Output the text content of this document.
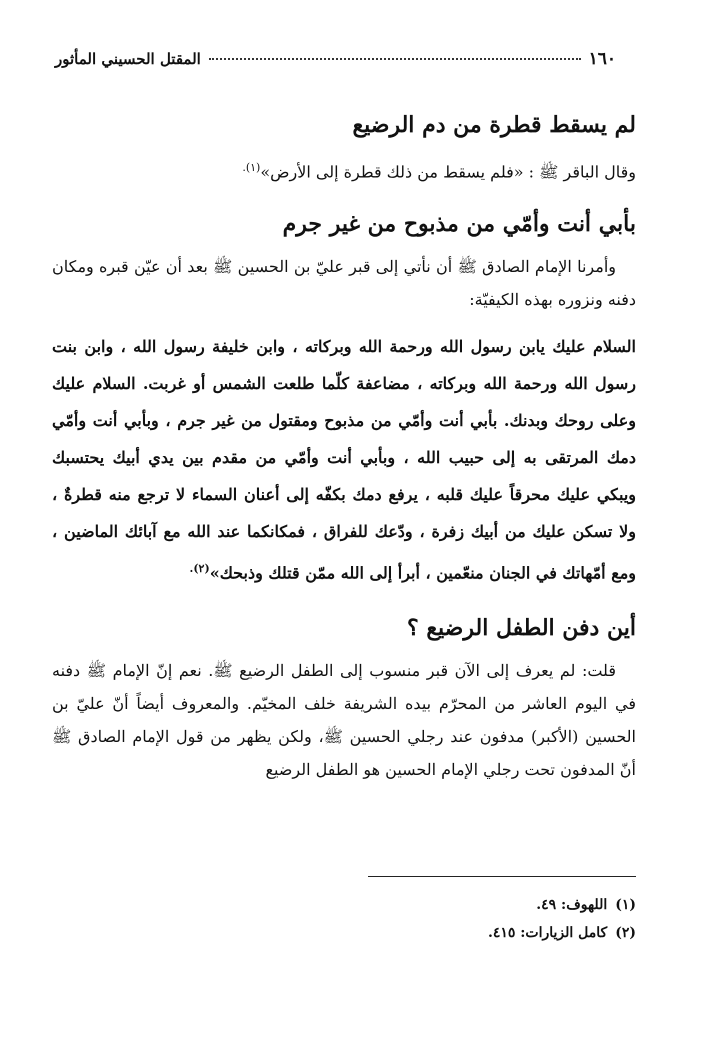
١٦٠
المقتل الحسيني المأثور
لم يسقط قطرة من دم الرضيع

وقال الباقر ﷺ : «فلم يسقط من ذلك قطرة إلى الأرض»$^{(١).}$

بأبي أنت وأمّي من مذبوح من غير جرم

وأمرنا الإمام الصادق ﷺ أن نأتي إلى قبر عليّ بن الحسين ﷺ بعد أن عيّن قبره ومكان دفنه ونزوره بهذه الكيفيّة:

السلام عليك يابن رسول الله ورحمة الله وبركاته ، وابن خليفة رسول الله ، وابن بنت رسول الله ورحمة الله وبركاته ، مضاعفة كلّما طلعت الشمس أو غربت. السلام عليك وعلى روحك وبدنك. بأبي أنت وأمّي من مذبوح ومقتول من غير جرم ، وبأبي أنت وأمّي دمك المرتقى به إلى حبيب الله ، وبأبي أنت وأمّي من مقدم بين يدي أبيك يحتسبك ويبكي عليك محرقاً عليك قلبه ، يرفع دمك بكفّه إلى أعنان السماء لا ترجع منه قطرةٌ ، ولا تسكن عليك من أبيك زفرة ، ودّعك للفراق ، فمكانكما عند الله مع آبائك الماضين ، ومع أمّهاتك في الجنان منعّمين ، أبرأ إلى الله ممّن قتلك وذبحك»$^{(٢).}$

أين دفن الطفل الرضيع ؟

قلت: لم يعرف إلى الآن قبر منسوب إلى الطفل الرضيع ﷺ. نعم إنّ الإمام ﷺ دفنه في اليوم العاشر من المحرّم بيده الشريفة خلف المخيّم. والمعروف أيضاً أنّ عليّ بن الحسين (الأكبر) مدفون عند رجلي الحسين ﷺ، ولكن يظهر من قول الإمام الصادق ﷺ أنّ المدفون تحت رجلي الإمام الحسين هو الطفل الرضيع

(١)
اللهوف: ٤٩.
(٢)
كامل الزيارات: ٤١٥.
